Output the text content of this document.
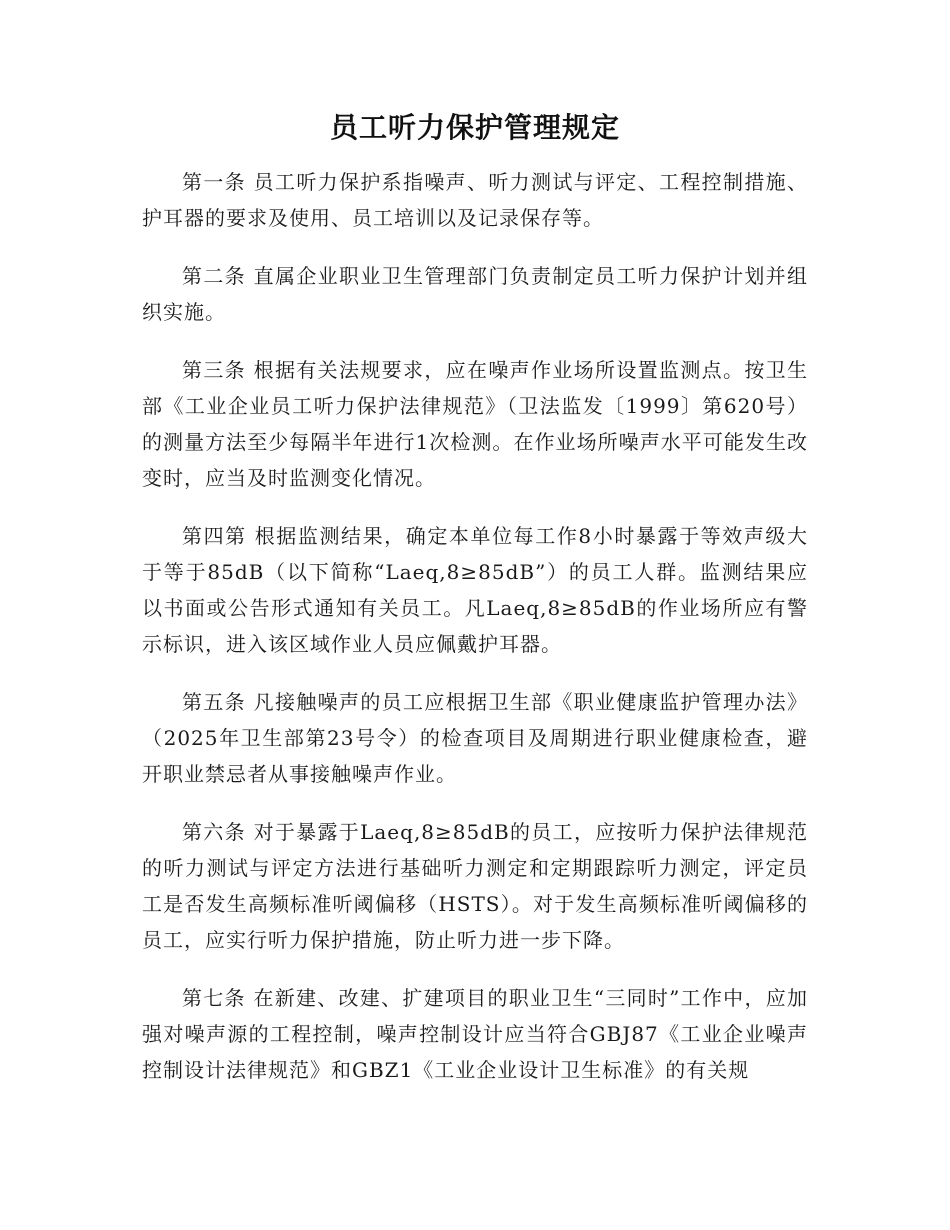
员工听力保护管理规定

第一条 员工听力保护系指噪声、听力测试与评定、工程控制措施、护耳器的要求及使用、员工培训以及记录保存等。

第二条 直属企业职业卫生管理部门负责制定员工听力保护计划并组织实施。

第三条 根据有关法规要求，应在噪声作业场所设置监测点。按卫生部《工业企业员工听力保护法律规范》（卫法监发〔1999〕第620号）的测量方法至少每隔半年进行1次检测。在作业场所噪声水平可能发生改变时，应当及时监测变化情况。

第四第 根据监测结果，确定本单位每工作8小时暴露于等效声级大于等于85dB（以下简称“Laeq,8≥85dB”）的员工人群。监测结果应以书面或公告形式通知有关员工。凡Laeq,8≥85dB的作业场所应有警示标识，进入该区域作业人员应佩戴护耳器。

第五条 凡接触噪声的员工应根据卫生部《职业健康监护管理办法》（2025年卫生部第23号令）的检查项目及周期进行职业健康检查，避开职业禁忌者从事接触噪声作业。

第六条 对于暴露于Laeq,8≥85dB的员工，应按听力保护法律规范的听力测试与评定方法进行基础听力测定和定期跟踪听力测定，评定员工是否发生高频标准听阈偏移（HSTS）。对于发生高频标准听阈偏移的员工，应实行听力保护措施，防止听力进一步下降。

第七条 在新建、改建、扩建项目的职业卫生“三同时”工作中，应加强对噪声源的工程控制，噪声控制设计应当符合GBJ87《工业企业噪声控制设计法律规范》和GBZ1《工业企业设计卫生标准》的有关规
